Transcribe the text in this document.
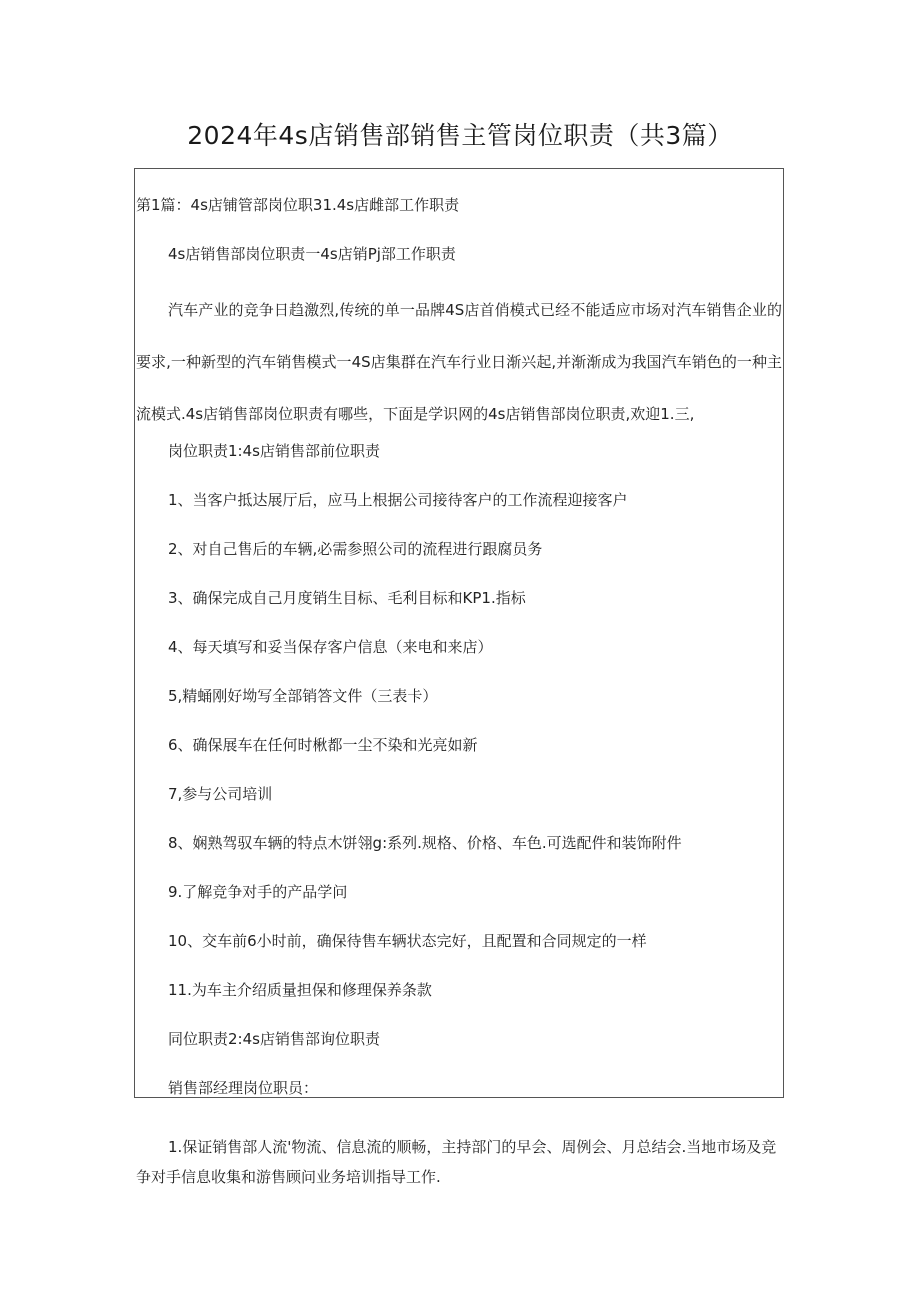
2024年4s店销售部销售主管岗位职责（共3篇）
第1篇：4s店铺管部岗位职31.4s店雌部工作职责
4s店销售部岗位职责一4s店销Pj部工作职责
汽车产业的竞争日趋激烈,传统的单一品牌4S店首俏模式已经不能适应市场对汽车销售企业的要求,一种新型的汽车销售模式一4S店集群在汽车行业日渐兴起,并渐渐成为我国汽车销色的一种主流模式.4s店销售部岗位职责有哪些，下面是学识网的4s店销售部岗位职责,欢迎1.三,
岗位职责1:4s店销售部前位职责
1、当客户抵达展厅后，应马上根据公司接待客户的工作流程迎接客户
2、对自己售后的车辆,必需参照公司的流程进行跟腐员务
3、确保完成自己月度销生目标、毛利目标和KP1.指标
4、每天填写和妥当保存客户信息（来电和来店）
5,精蛹刚好坳写全部销答文件（三表卡）
6、确保展车在任何时楸都一尘不染和光亮如新
7,参与公司培训
8、娴熟驾驭车辆的特点木饼翎g:系列.规格、价格、车色.可选配件和装饰附件
9.了解竞争对手的产品学问
10、交车前6小时前，确保待售车辆状态完好，且配置和合同规定的一样
11.为车主介绍质量担保和修理保养条款
同位职责2:4s店销售部询位职责
销售部经理岗位职员：
1.保证销售部人流'物流、信息流的顺畅，主持部门的早会、周例会、月总结会.当地市场及竞争对手信息收集和游售顾问业务培训指导工作.
